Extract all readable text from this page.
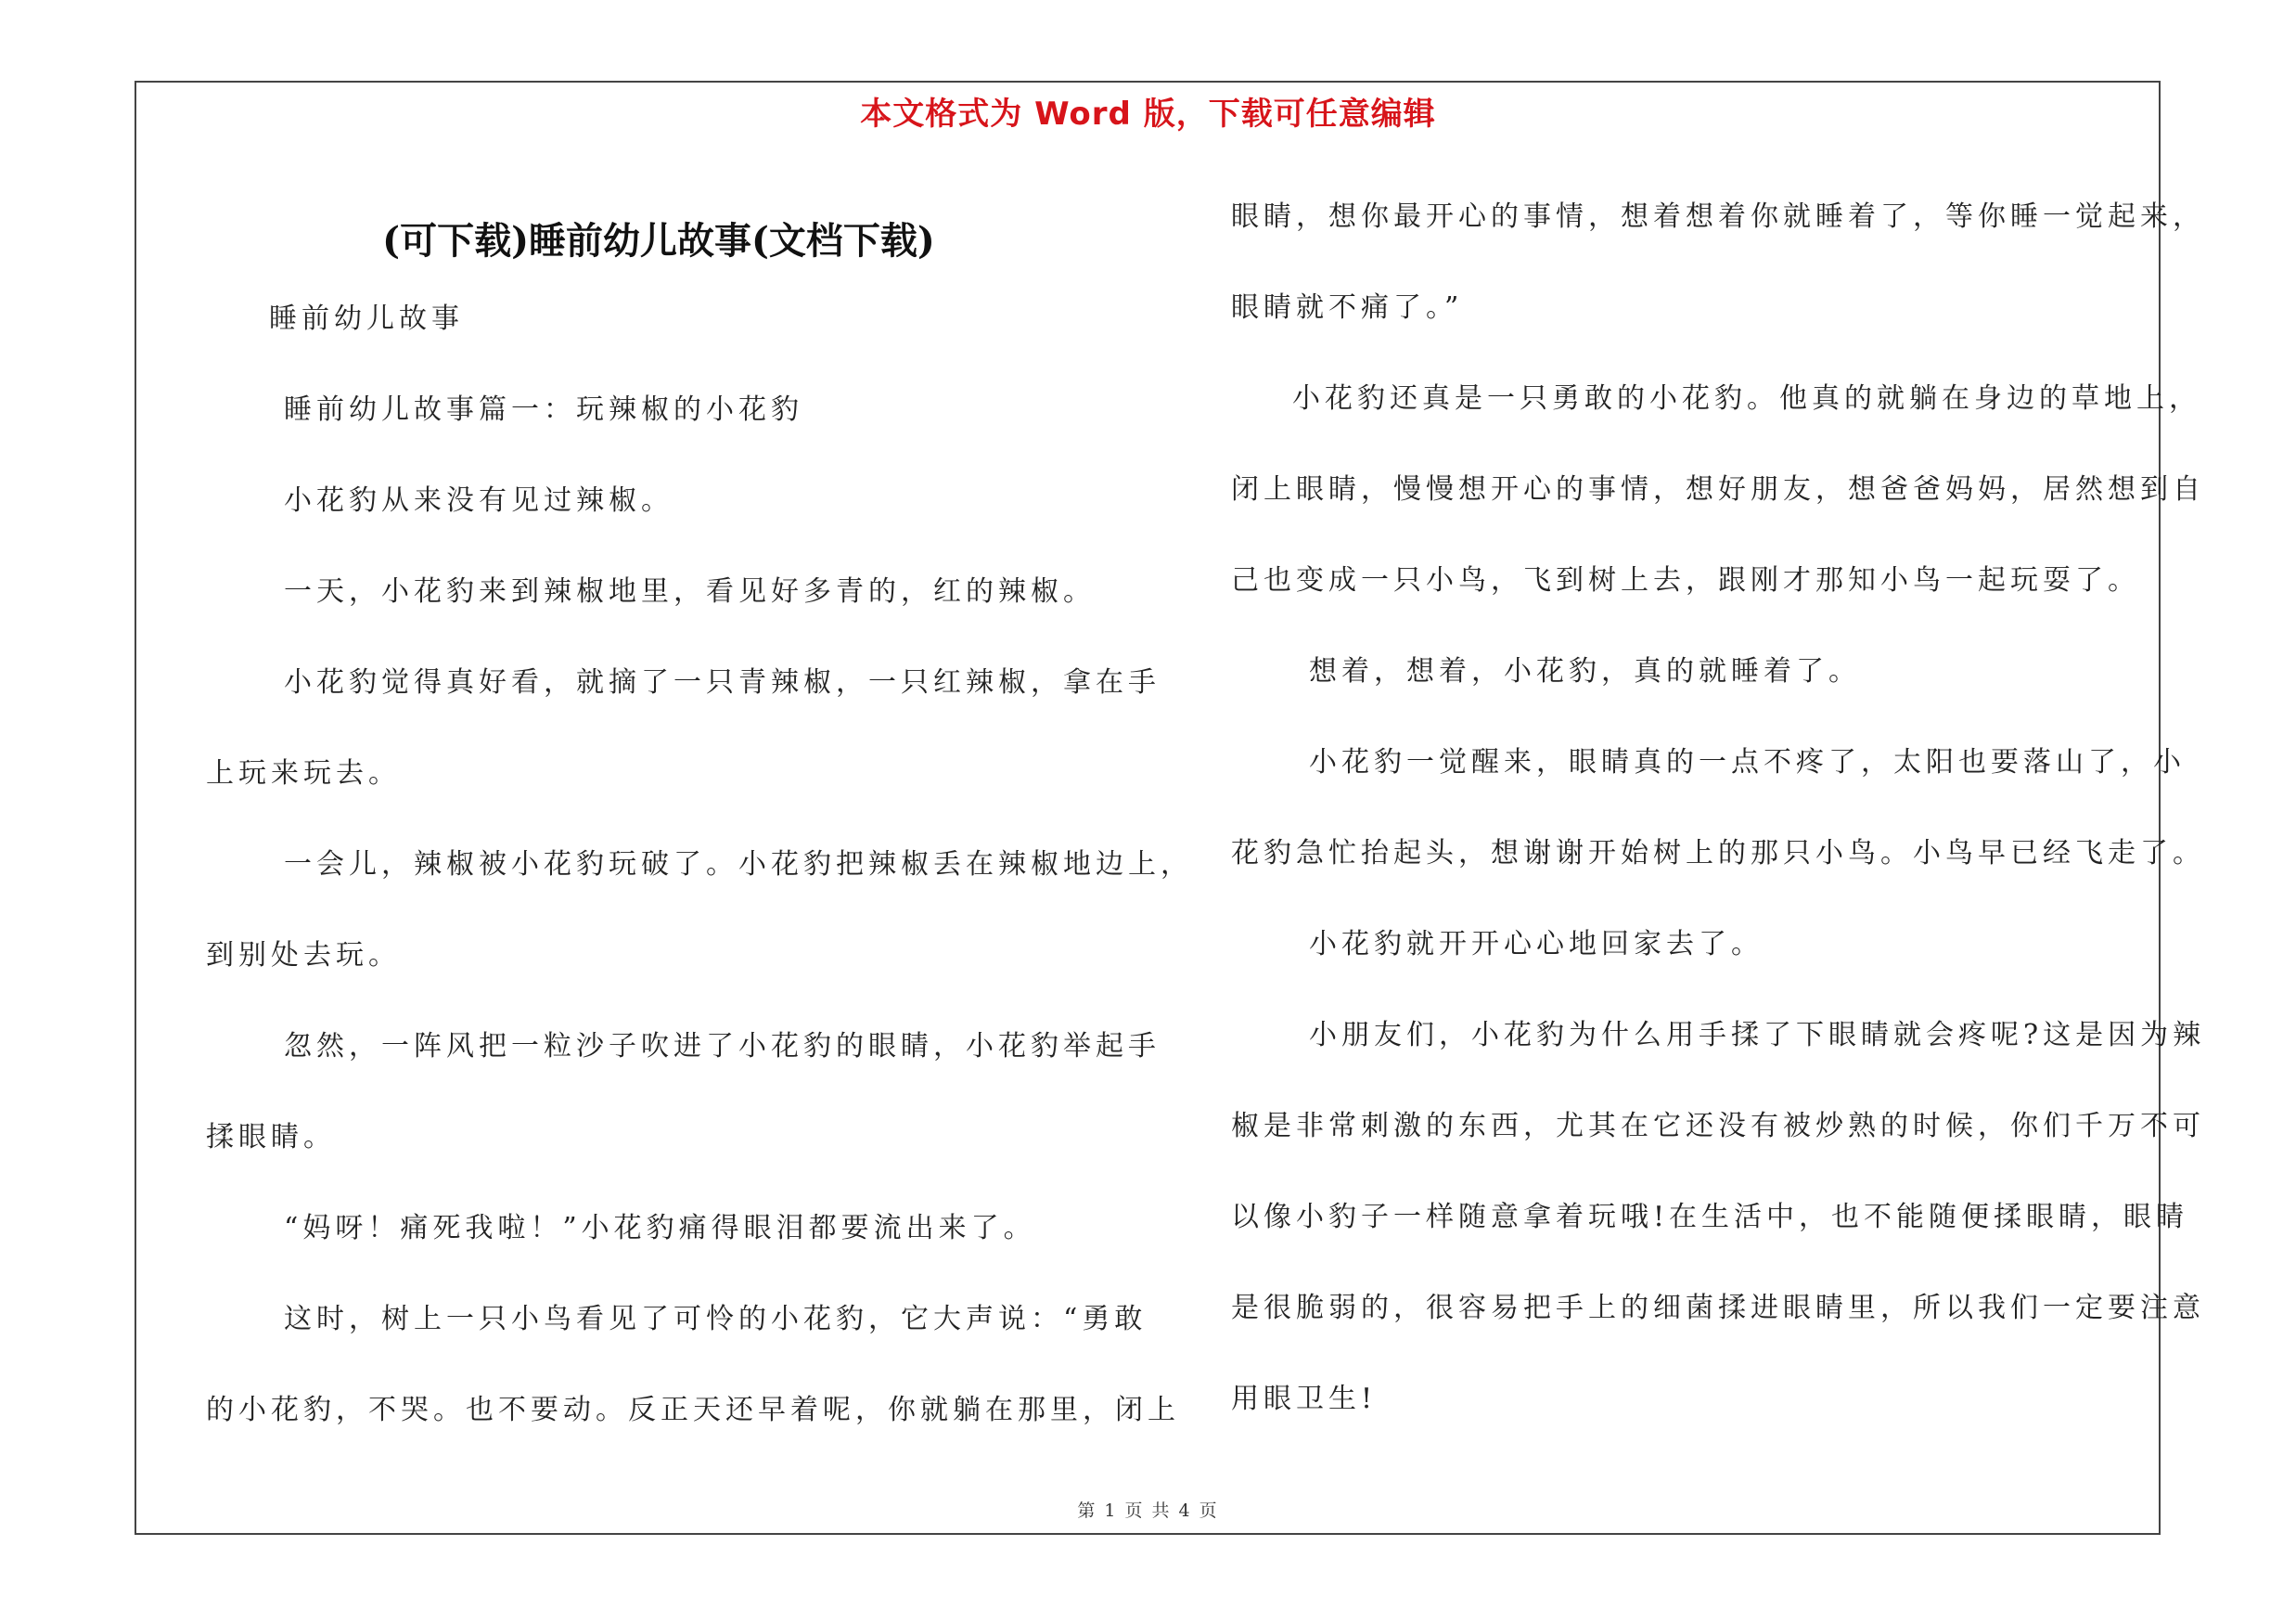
本文格式为 Word 版，下载可任意编辑
(可下载)睡前幼儿故事(文档下载)
睡前幼儿故事
睡前幼儿故事篇一：玩辣椒的小花豹
小花豹从来没有见过辣椒。
一天，小花豹来到辣椒地里，看见好多青的，红的辣椒。
小花豹觉得真好看，就摘了一只青辣椒，一只红辣椒，拿在手
上玩来玩去。
一会儿，辣椒被小花豹玩破了。小花豹把辣椒丢在辣椒地边上，
到别处去玩。
忽然，一阵风把一粒沙子吹进了小花豹的眼睛，小花豹举起手
揉眼睛。
“妈呀！痛死我啦！”小花豹痛得眼泪都要流出来了。
这时，树上一只小鸟看见了可怜的小花豹，它大声说：“勇敢
的小花豹，不哭。也不要动。反正天还早着呢，你就躺在那里，闭上
眼睛，想你最开心的事情，想着想着你就睡着了，等你睡一觉起来，
眼睛就不痛了。”
小花豹还真是一只勇敢的小花豹。他真的就躺在身边的草地上，
闭上眼睛，慢慢想开心的事情，想好朋友，想爸爸妈妈，居然想到自
己也变成一只小鸟，飞到树上去，跟刚才那知小鸟一起玩耍了。
想着，想着，小花豹，真的就睡着了。
小花豹一觉醒来，眼睛真的一点不疼了，太阳也要落山了，小
花豹急忙抬起头，想谢谢开始树上的那只小鸟。小鸟早已经飞走了。
小花豹就开开心心地回家去了。
小朋友们，小花豹为什么用手揉了下眼睛就会疼呢?这是因为辣
椒是非常刺激的东西，尤其在它还没有被炒熟的时候，你们千万不可
以像小豹子一样随意拿着玩哦!在生活中，也不能随便揉眼睛，眼睛
是很脆弱的，很容易把手上的细菌揉进眼睛里，所以我们一定要注意
用眼卫生!
第 1 页 共 4 页
